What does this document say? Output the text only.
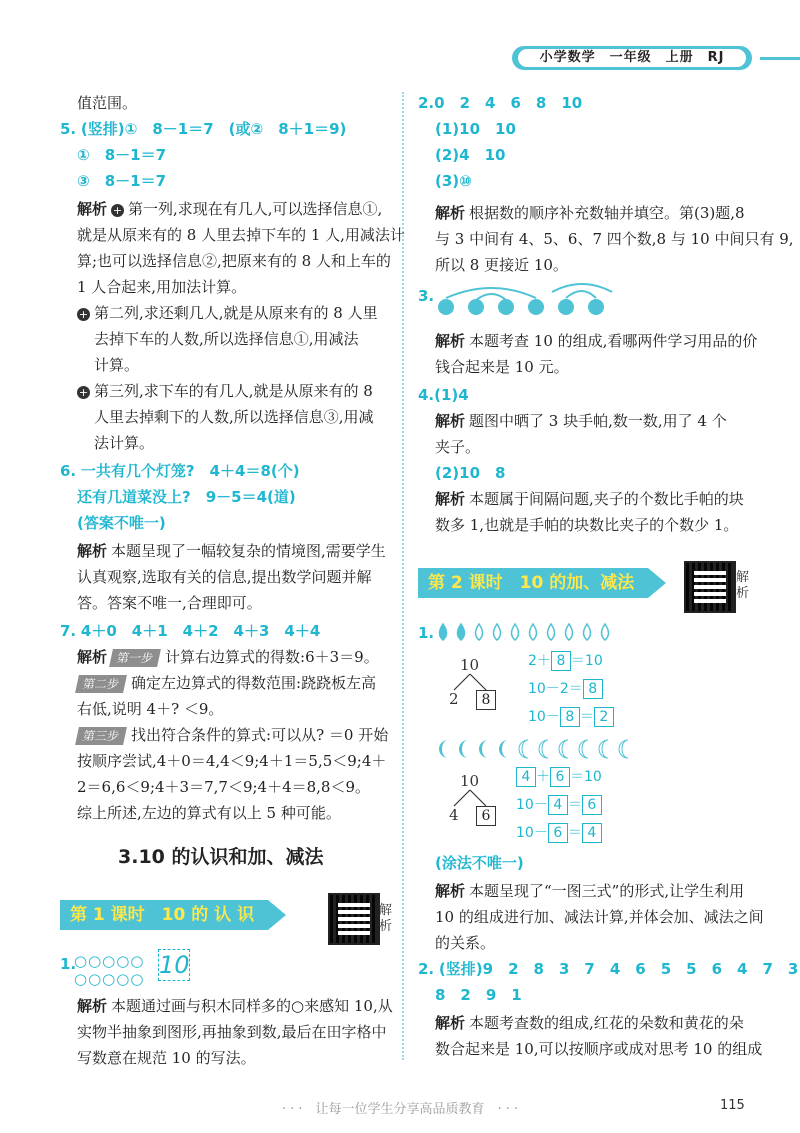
小学数学　一年级　上册　RJ
值范围。
5. (竖排)①　8－1＝7　(或②　8＋1＝9)
①　8－1＝7
③　8－1＝7
解析 + 第一列,求现在有几人,可以选择信息①,
就是从原来有的 8 人里去掉下车的 1 人,用减法计
算;也可以选择信息②,把原来有的 8 人和上车的
1 人合起来,用加法计算。
+ 第二列,求还剩几人,就是从原来有的 8 人里
去掉下车的人数,所以选择信息①,用减法
计算。
+ 第三列,求下车的有几人,就是从原来有的 8
人里去掉剩下的人数,所以选择信息③,用减
法计算。
6. 一共有几个灯笼?　4＋4＝8(个)
还有几道菜没上?　9－5＝4(道)
(答案不唯一)
解析 本题呈现了一幅较复杂的情境图,需要学生
认真观察,选取有关的信息,提出数学问题并解
答。答案不唯一,合理即可。
7. 4＋0　4＋1　4＋2　4＋3　4＋4
解析 第一步 计算右边算式的得数:6＋3＝9。
第二步 确定左边算式的得数范围:跷跷板左高
右低,说明 4＋? ＜9。
第三步 找出符合条件的算式:可以从? ＝0 开始
按顺序尝试,4＋0＝4,4＜9;4＋1＝5,5＜9;4＋
2＝6,6＜9;4＋3＝7,7＜9;4＋4＝8,8＜9。
综上所述,左边的算式有以上 5 种可能。
3.10 的认识和加、减法
第 1 课时　10 的 认 识	解析
1.
○○○○○
○○○○○ 10
解析 本题通过画与积木同样多的○来感知 10,从
实物半抽象到图形,再抽象到数,最后在田字格中
写数意在规范 10 的写法。
2.0　2　4　6　8　10
(1)10　10
(2)4　10
(3)⑩
解析 根据数的顺序补充数轴并填空。第(3)题,8
与 3 中间有 4、5、6、7 四个数,8 与 10 中间只有 9,
所以 8 更接近 10。
3.
解析 本题考查 10 的组成,看哪两件学习用品的价
钱合起来是 10 元。
4.(1)4
解析 题图中晒了 3 块手帕,数一数,用了 4 个
夹子。
(2)10　8
解析 本题属于间隔问题,夹子的个数比手帕的块
数多 1,也就是手帕的块数比夹子的个数少 1。
第 2 课时　10 的加、减法	解析
1.
10
2	8
2＋ 8 ＝10
10－2＝ 8
10－ 8 ＝ 2
10
4	6
4 ＋ 6 ＝10
10－ 4 ＝ 6
10－ 6 ＝ 4
(涂法不唯一)
解析 本题呈现了“一图三式”的形式,让学生利用
10 的组成进行加、减法计算,并体会加、减法之间
的关系。
2. (竖排)9　2　8　3　7　4　6　5　5　6　4　7　3
8　2　9　1
解析 本题考查数的组成,红花的朵数和黄花的朵
数合起来是 10,可以按顺序或成对思考 10 的组成
· · ·　让每一位学生分享高品质教育　· · ·	115
